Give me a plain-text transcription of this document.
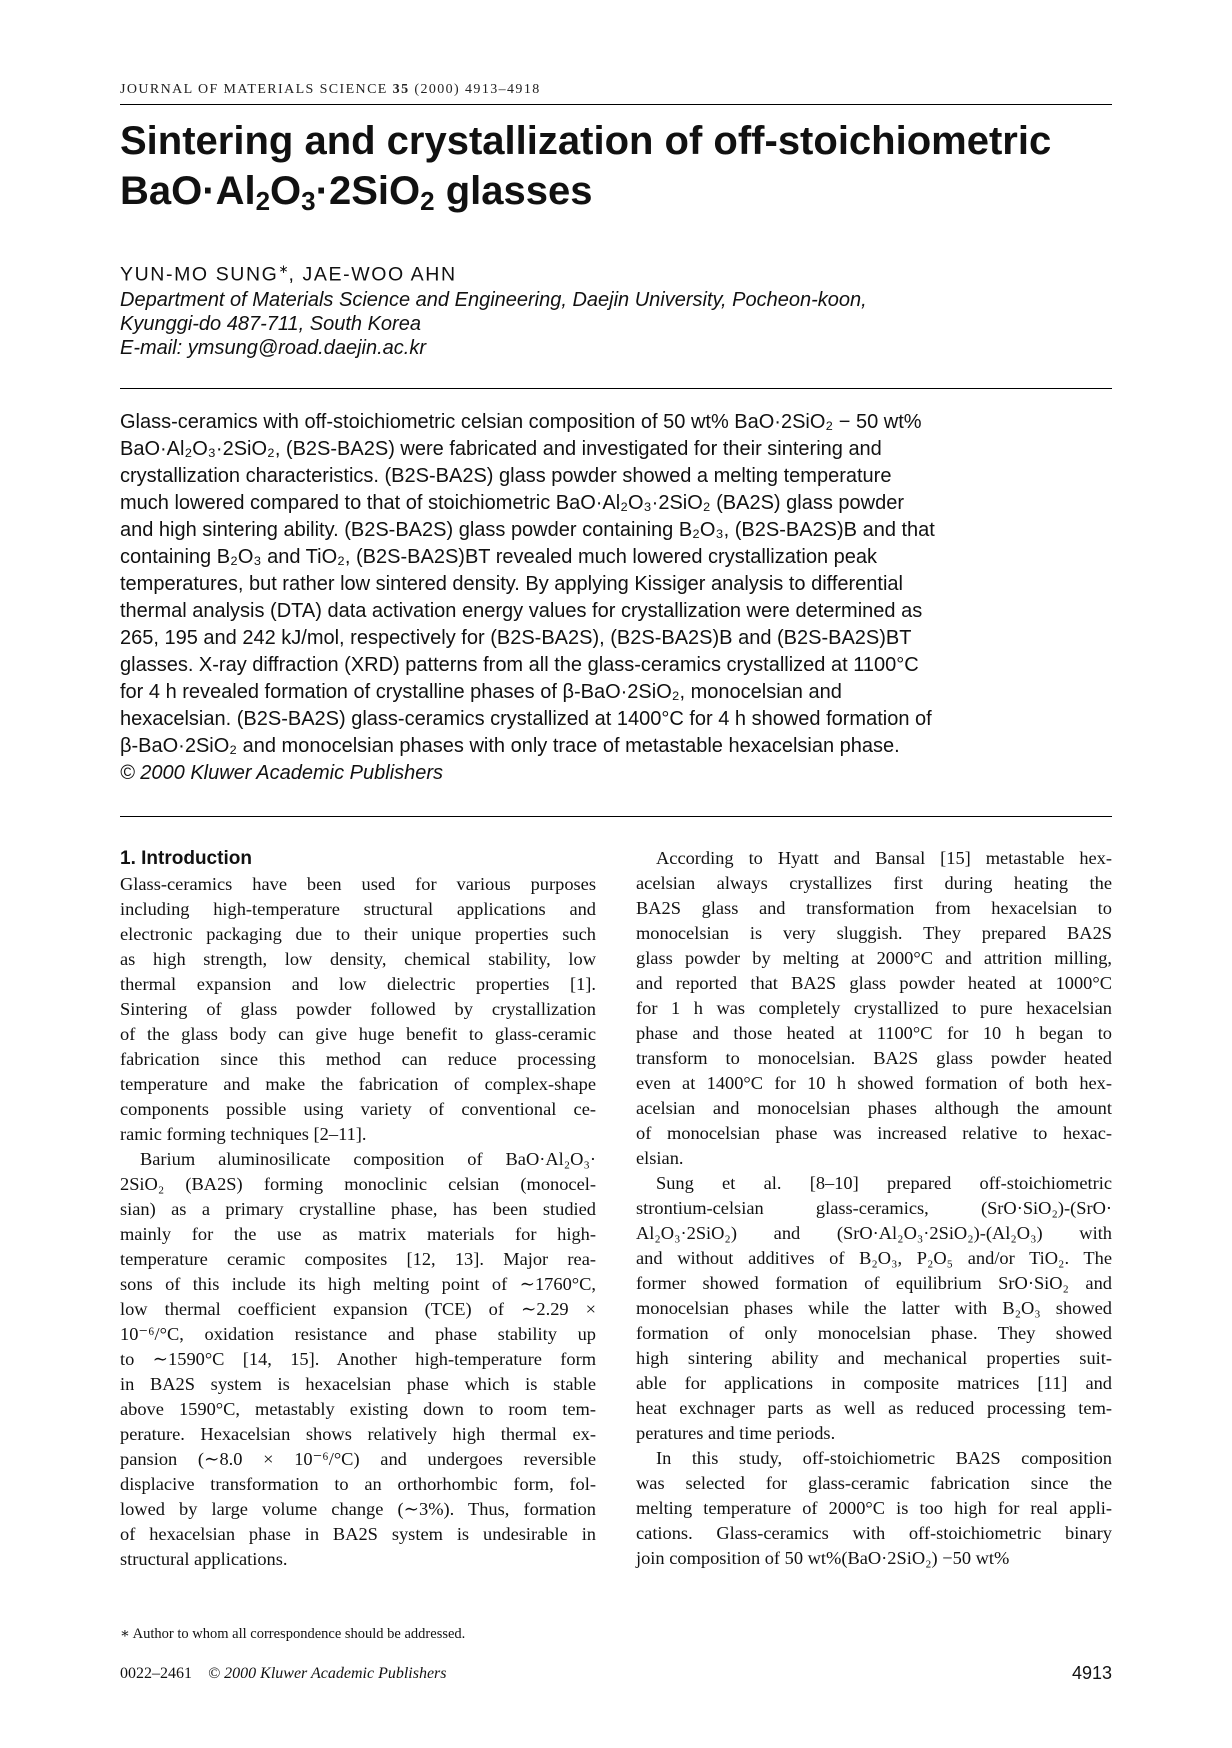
JOURNAL OF MATERIALS SCIENCE 35 (2000) 4913–4918
Sintering and crystallization of off-stoichiometric
$BaO\cdot Al_2O_3\cdot 2SiO_2$ glasses
YUN-MO SUNG∗, JAE-WOO AHN
Department of Materials Science and Engineering, Daejin University, Pocheon-koon,
Kyunggi-do 487-711, South Korea
E-mail: ymsung@road.daejin.ac.kr
Glass-ceramics with off-stoichiometric celsian composition of 50 wt% BaO·2SiO₂ − 50 wt%
BaO·Al₂O₃·2SiO₂, (B2S-BA2S) were fabricated and investigated for their sintering and
crystallization characteristics. (B2S-BA2S) glass powder showed a melting temperature
much lowered compared to that of stoichiometric BaO·Al₂O₃·2SiO₂ (BA2S) glass powder
and high sintering ability. (B2S-BA2S) glass powder containing B₂O₃, (B2S-BA2S)B and that
containing B₂O₃ and TiO₂, (B2S-BA2S)BT revealed much lowered crystallization peak
temperatures, but rather low sintered density. By applying Kissiger analysis to differential
thermal analysis (DTA) data activation energy values for crystallization were determined as
265, 195 and 242 kJ/mol, respectively for (B2S-BA2S), (B2S-BA2S)B and (B2S-BA2S)BT
glasses. X-ray diffraction (XRD) patterns from all the glass-ceramics crystallized at 1100°C
for 4 h revealed formation of crystalline phases of β-BaO·2SiO₂, monocelsian and
hexacelsian. (B2S-BA2S) glass-ceramics crystallized at 1400°C for 4 h showed formation of
β-BaO·2SiO₂ and monocelsian phases with only trace of metastable hexacelsian phase.
© 2000 Kluwer Academic Publishers
1. Introduction
Glass-ceramics have been used for various purposes
including high-temperature structural applications and
electronic packaging due to their unique properties such
as high strength, low density, chemical stability, low
thermal expansion and low dielectric properties [1].
Sintering of glass powder followed by crystallization
of the glass body can give huge benefit to glass-ceramic
fabrication since this method can reduce processing
temperature and make the fabrication of complex-shape
components possible using variety of conventional ce-
ramic forming techniques [2–11].
Barium aluminosilicate composition of BaO·Al₂O₃·
2SiO₂ (BA2S) forming monoclinic celsian (monocel-
sian) as a primary crystalline phase, has been studied
mainly for the use as matrix materials for high-
temperature ceramic composites [12, 13]. Major rea-
sons of this include its high melting point of ∼1760°C,
low thermal coefficient expansion (TCE) of ∼2.29 ×
10⁻⁶/°C, oxidation resistance and phase stability up
to ∼1590°C [14, 15]. Another high-temperature form
in BA2S system is hexacelsian phase which is stable
above 1590°C, metastably existing down to room tem-
perature. Hexacelsian shows relatively high thermal ex-
pansion (∼8.0 × 10⁻⁶/°C) and undergoes reversible
displacive transformation to an orthorhombic form, fol-
lowed by large volume change (∼3%). Thus, formation
of hexacelsian phase in BA2S system is undesirable in
structural applications.
According to Hyatt and Bansal [15] metastable hex-
acelsian always crystallizes first during heating the
BA2S glass and transformation from hexacelsian to
monocelsian is very sluggish. They prepared BA2S
glass powder by melting at 2000°C and attrition milling,
and reported that BA2S glass powder heated at 1000°C
for 1 h was completely crystallized to pure hexacelsian
phase and those heated at 1100°C for 10 h began to
transform to monocelsian. BA2S glass powder heated
even at 1400°C for 10 h showed formation of both hex-
acelsian and monocelsian phases although the amount
of monocelsian phase was increased relative to hexac-
elsian.
Sung et al. [8–10] prepared off-stoichiometric
strontium-celsian glass-ceramics, (SrO·SiO₂)-(SrO·
Al₂O₃·2SiO₂) and (SrO·Al₂O₃·2SiO₂)-(Al₂O₃) with
and without additives of B₂O₃, P₂O₅ and/or TiO₂. The
former showed formation of equilibrium SrO·SiO₂ and
monocelsian phases while the latter with B₂O₃ showed
formation of only monocelsian phase. They showed
high sintering ability and mechanical properties suit-
able for applications in composite matrices [11] and
heat exchnager parts as well as reduced processing tem-
peratures and time periods.
In this study, off-stoichiometric BA2S composition
was selected for glass-ceramic fabrication since the
melting temperature of 2000°C is too high for real appli-
cations. Glass-ceramics with off-stoichiometric binary
join composition of 50 wt%(BaO·2SiO₂) −50 wt%
∗ Author to whom all correspondence should be addressed.
0022–2461 © 2000 Kluwer Academic Publishers	4913
